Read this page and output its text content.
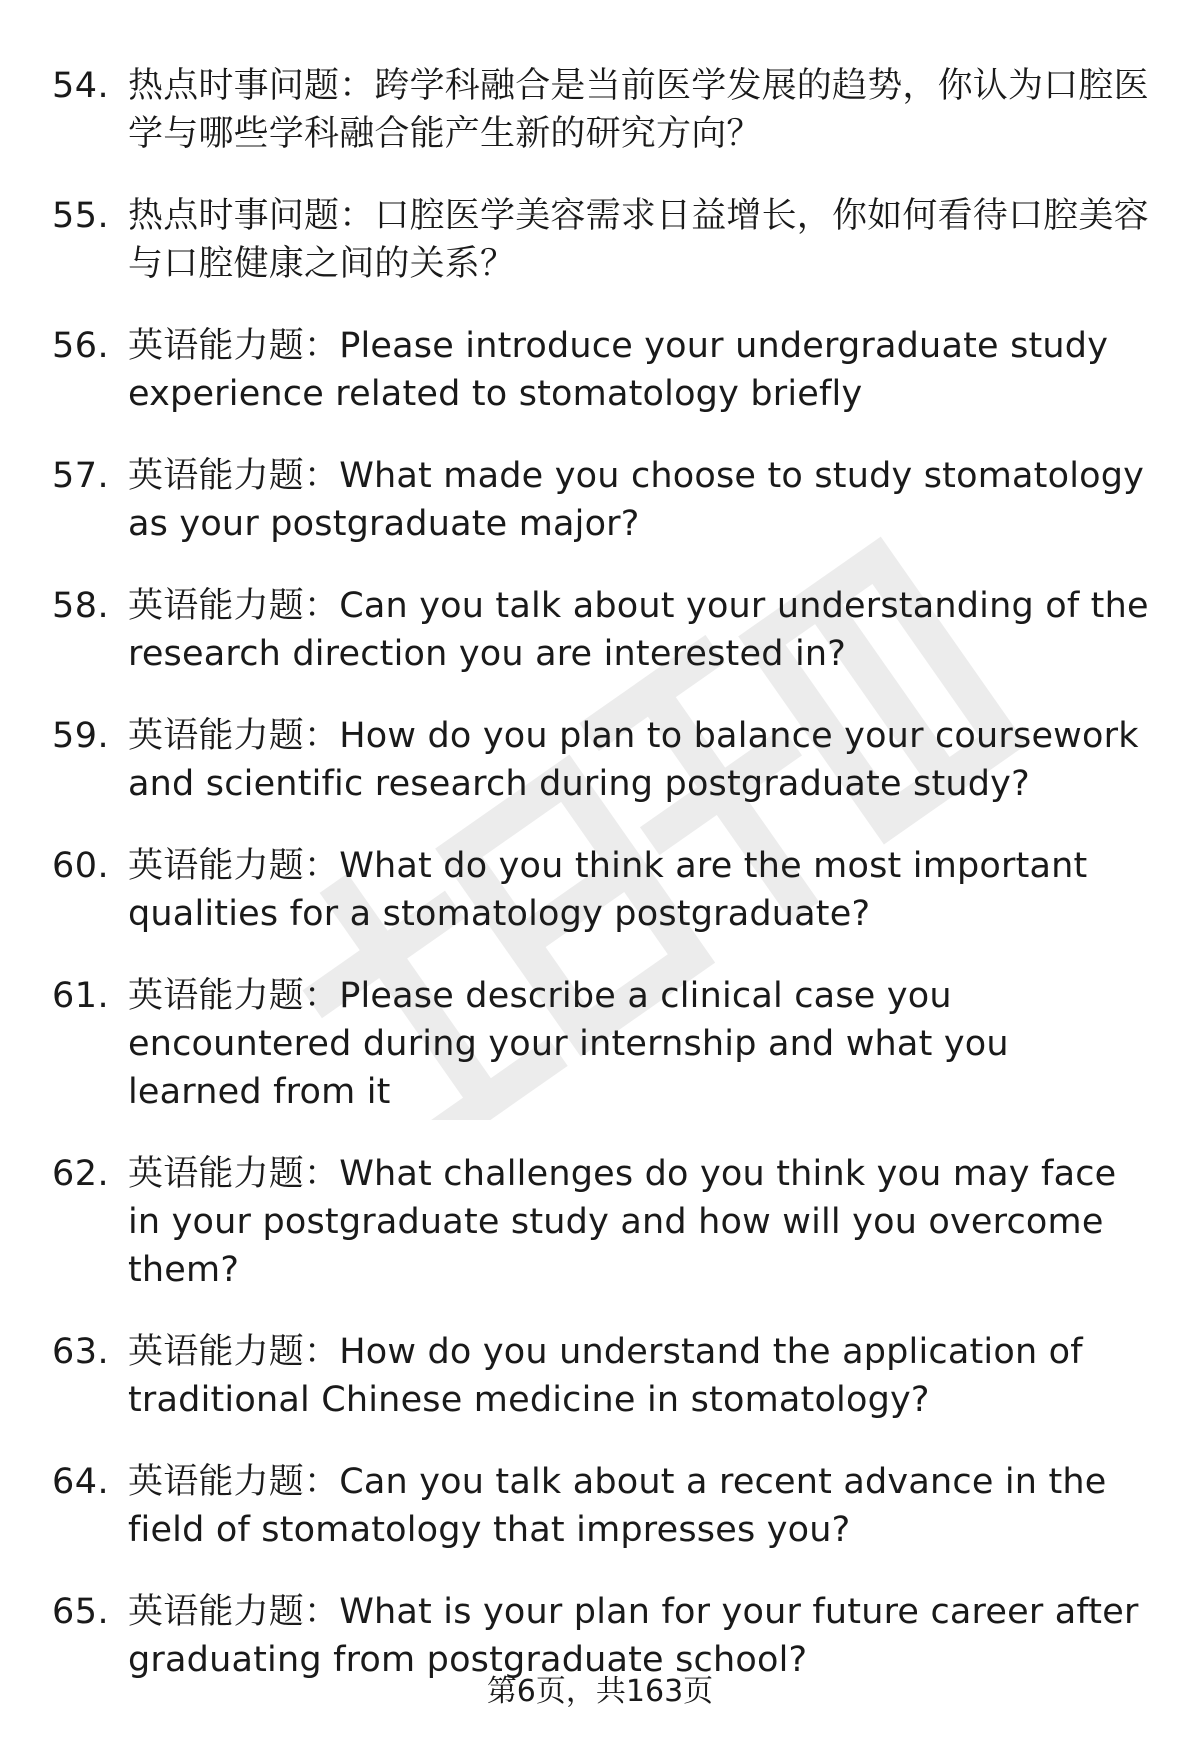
54. 热点时事问题：跨学科融合是当前医学发展的趋势，你认为口腔医学与哪些学科融合能产生新的研究方向？
55. 热点时事问题：口腔医学美容需求日益增长，你如何看待口腔美容与口腔健康之间的关系？
56. 英语能力题：Please introduce your undergraduate study experience related to stomatology briefly
57. 英语能力题：What made you choose to study stomatology as your postgraduate major?
58. 英语能力题：Can you talk about your understanding of the research direction you are interested in?
59. 英语能力题：How do you plan to balance your coursework and scientific research during postgraduate study?
60. 英语能力题：What do you think are the most important qualities for a stomatology postgraduate?
61. 英语能力题：Please describe a clinical case you encountered during your internship and what you learned from it
62. 英语能力题：What challenges do you think you may face in your postgraduate study and how will you overcome them?
63. 英语能力题：How do you understand the application of traditional Chinese medicine in stomatology?
64. 英语能力题：Can you talk about a recent advance in the field of stomatology that impresses you?
65. 英语能力题：What is your plan for your future career after graduating from postgraduate school?
第6页，共163页
